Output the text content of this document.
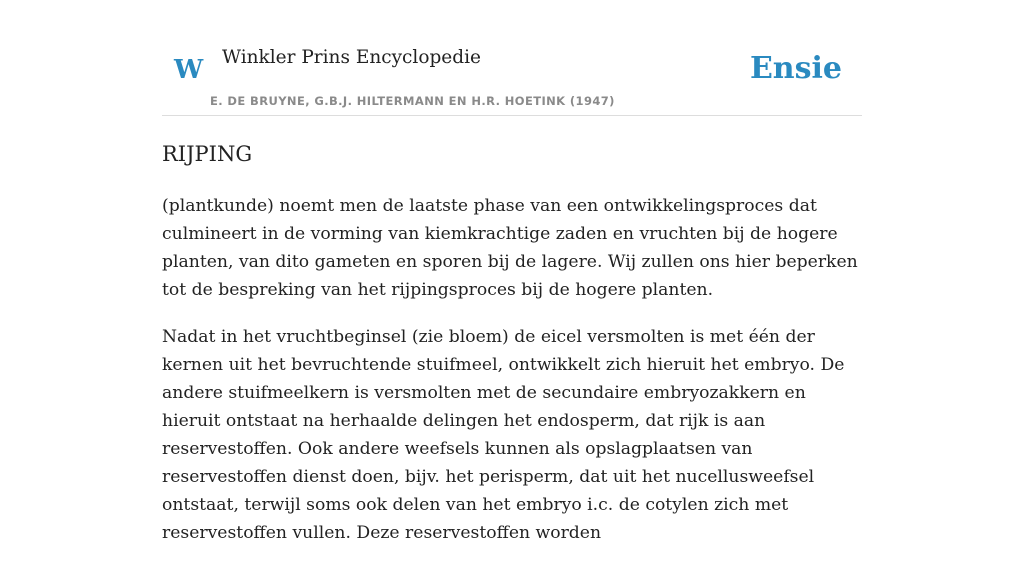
W Winkler Prins Encyclopedie	Ensie
E. DE BRUYNE, G.B.J. HILTERMANN EN H.R. HOETINK (1947)
RIJPING

(plantkunde) noemt men de laatste phase van een ontwikkelingsproces dat culmineert in de vorming van kiemkrachtige zaden en vruchten bij de hogere planten, van dito gameten en sporen bij de lagere. Wij zullen ons hier beperken tot de bespreking van het rijpingsproces bij de hogere planten.

Nadat in het vruchtbeginsel (zie bloem) de eicel versmolten is met één der kernen uit het bevruchtende stuifmeel, ontwikkelt zich hieruit het embryo. De andere stuifmeelkern is versmolten met de secundaire embryozakkern en hieruit ontstaat na herhaalde delingen het endosperm, dat rijk is aan reservestoffen. Ook andere weefsels kunnen als opslagplaatsen van reservestoffen dienst doen, bijv. het perisperm, dat uit het nucellusweefsel ontstaat, terwijl soms ook delen van het embryo i.c. de cotylen zich met reservestoffen vullen. Deze reservestoffen worden
